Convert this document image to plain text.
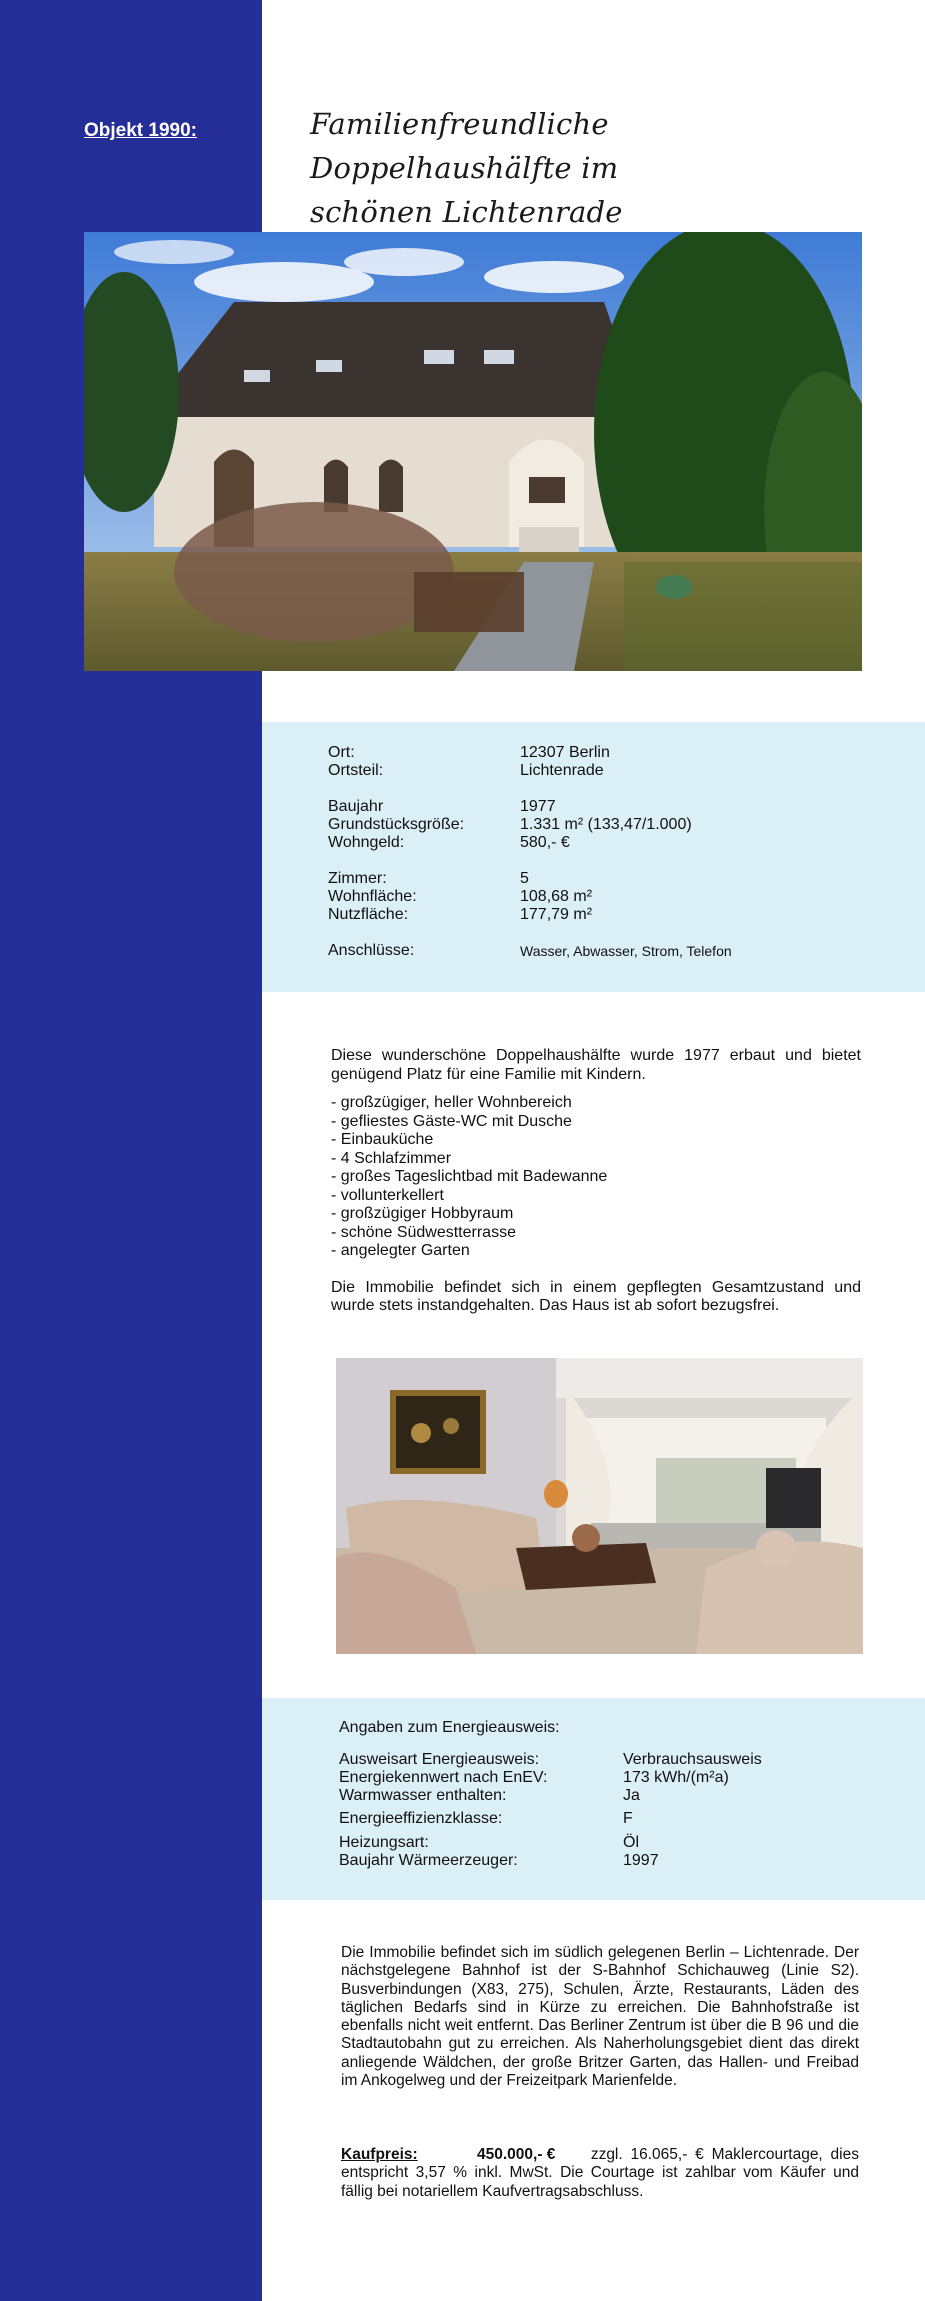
Objekt 1990:	Familienfreundliche Doppelhaushälfte im
schönen Lichtenrade
Ort:	12307 Berlin
Ortsteil:	Lichtenrade
Baujahr	1977
Grundstücksgröße:	1.331 m² (133,47/1.000)
Wohngeld:	580,- €
Zimmer:	5
Wohnfläche:	108,68 m²
Nutzfläche:	177,79 m²
Anschlüsse:	Wasser, Abwasser, Strom, Telefon

Diese wunderschöne Doppelhaushälfte wurde 1977 erbaut und bietet genügend Platz für eine Familie mit Kindern.

- großzügiger, heller Wohnbereich
- gefliestes Gäste-WC mit Dusche
- Einbauküche
- 4 Schlafzimmer
- großes Tageslichtbad mit Badewanne
- vollunterkellert
- großzügiger Hobbyraum
- schöne Südwestterrasse
- angelegter Garten

Die Immobilie befindet sich in einem gepflegten Gesamtzustand und wurde stets instandgehalten. Das Haus ist ab sofort bezugsfrei.

Angaben zum Energieausweis:
Ausweisart Energieausweis:	Verbrauchsausweis
Energiekennwert nach EnEV:	173 kWh/(m²a)
Warmwasser enthalten:	Ja
Energieeffizienzklasse:	F
Heizungsart:	Öl
Baujahr Wärmeerzeuger:	1997

Die Immobilie befindet sich im südlich gelegenen Berlin – Lichtenrade. Der nächstgelegene Bahnhof ist der S-Bahnhof Schichauweg (Linie S2). Busverbindungen (X83, 275), Schulen, Ärzte, Restaurants, Läden des täglichen Bedarfs sind in Kürze zu erreichen. Die Bahnhofstraße ist ebenfalls nicht weit entfernt. Das Berliner Zentrum ist über die B 96 und die Stadtautobahn gut zu erreichen. Als Naherholungsgebiet dient das direkt anliegende Wäldchen, der große Britzer Garten, das Hallen- und Freibad im Ankogelweg und der Freizeitpark Marienfelde.

Kaufpreis:	450.000,- € zzgl. 16.065,- € Maklercourtage, dies entspricht 3,57 % inkl. MwSt. Die Courtage ist zahlbar vom Käufer und fällig bei notariellem Kaufvertragsabschluss.
